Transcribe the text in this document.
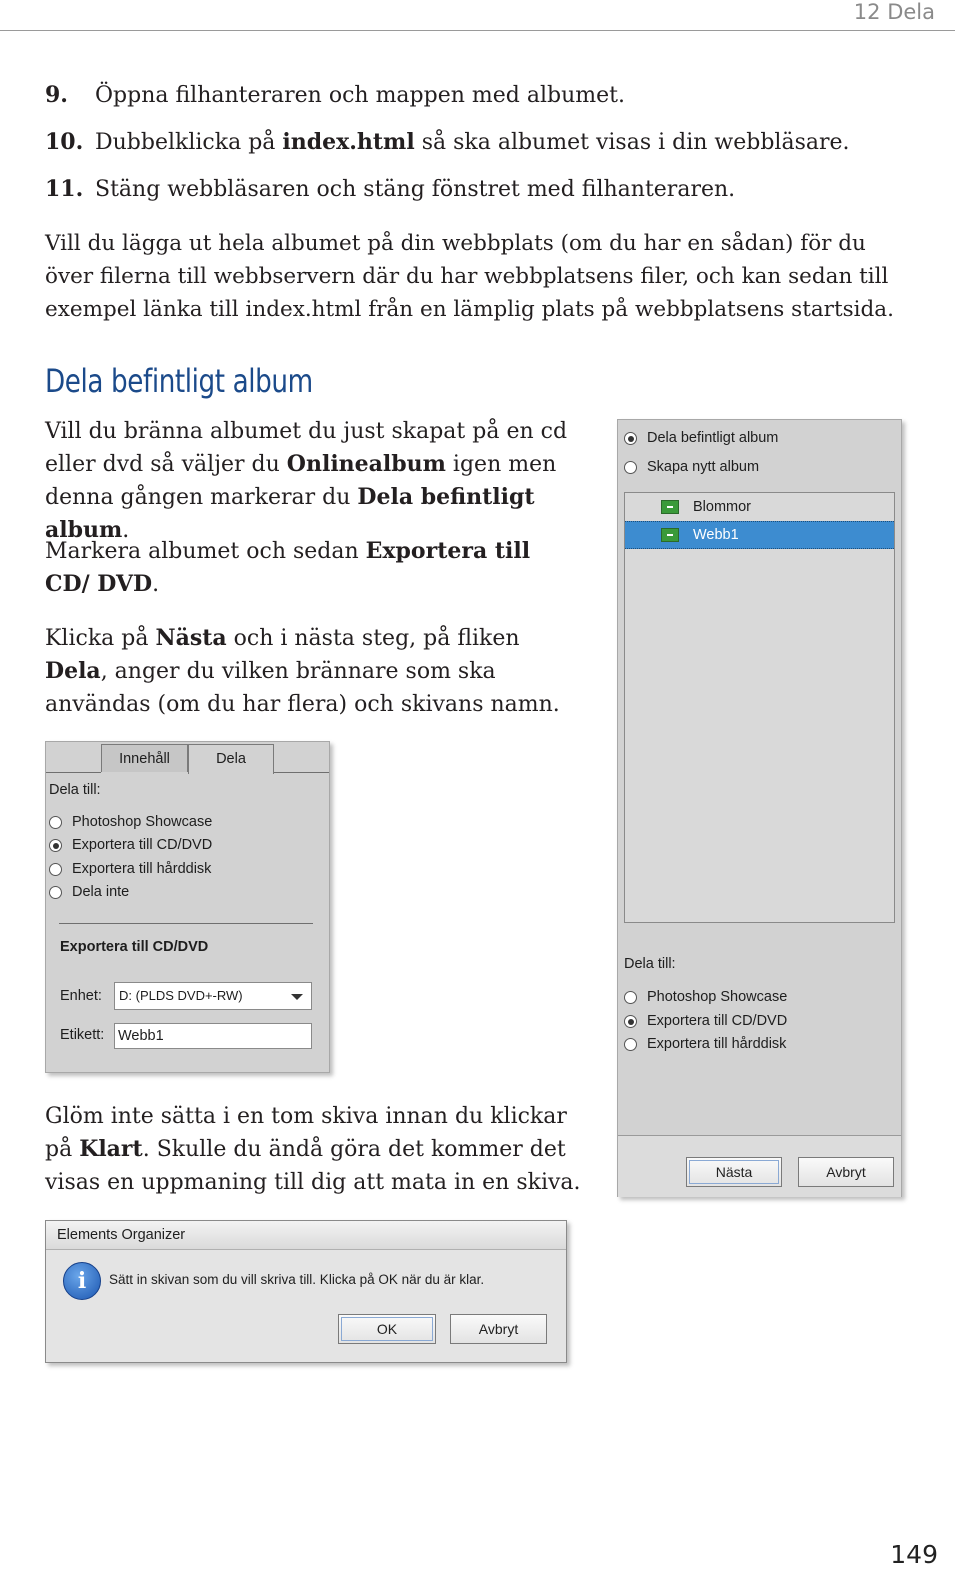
12 Dela
9. Öppna filhanteraren och mappen med albumet.
10. Dubbelklicka på index.html så ska albumet visas i din webbläsare.
11. Stäng webbläsaren och stäng fönstret med filhanteraren.
Vill du lägga ut hela albumet på din webbplats (om du har en sådan) för du över filerna till webbservern där du har webbplatsens filer, och kan sedan till exempel länka till index.html från en lämplig plats på webbplatsens startsida.
Dela befintligt album
Vill du bränna albumet du just skapat på en cd eller dvd så väljer du Onlinealbum igen men denna gången markerar du Dela befintligt album.
Markera albumet och sedan Exportera till CD/ DVD.
Klicka på Nästa och i nästa steg, på fliken Dela, anger du vilken brännare som ska användas (om du har flera) och skivans namn.
Innehåll	Dela
Dela till:
Photoshop Showcase
Exportera till CD/DVD
Exportera till hårddisk
Dela inte
Exportera till CD/DVD
Enhet:	D: (PLDS DVD+-RW)
Etikett: Webb1
Dela befintligt album
Skapa nytt album
Blommor
Webb1
Dela till:
Photoshop Showcase
Exportera till CD/DVD
Exportera till hårddisk
Nästa	Avbryt
Glöm inte sätta i en tom skiva innan du klickar på Klart. Skulle du ändå göra det kommer det visas en uppmaning till dig att mata in en skiva.
Elements Organizer
i	Sätt in skivan som du vill skriva till. Klicka på OK när du är klar.
OK	Avbryt
149
